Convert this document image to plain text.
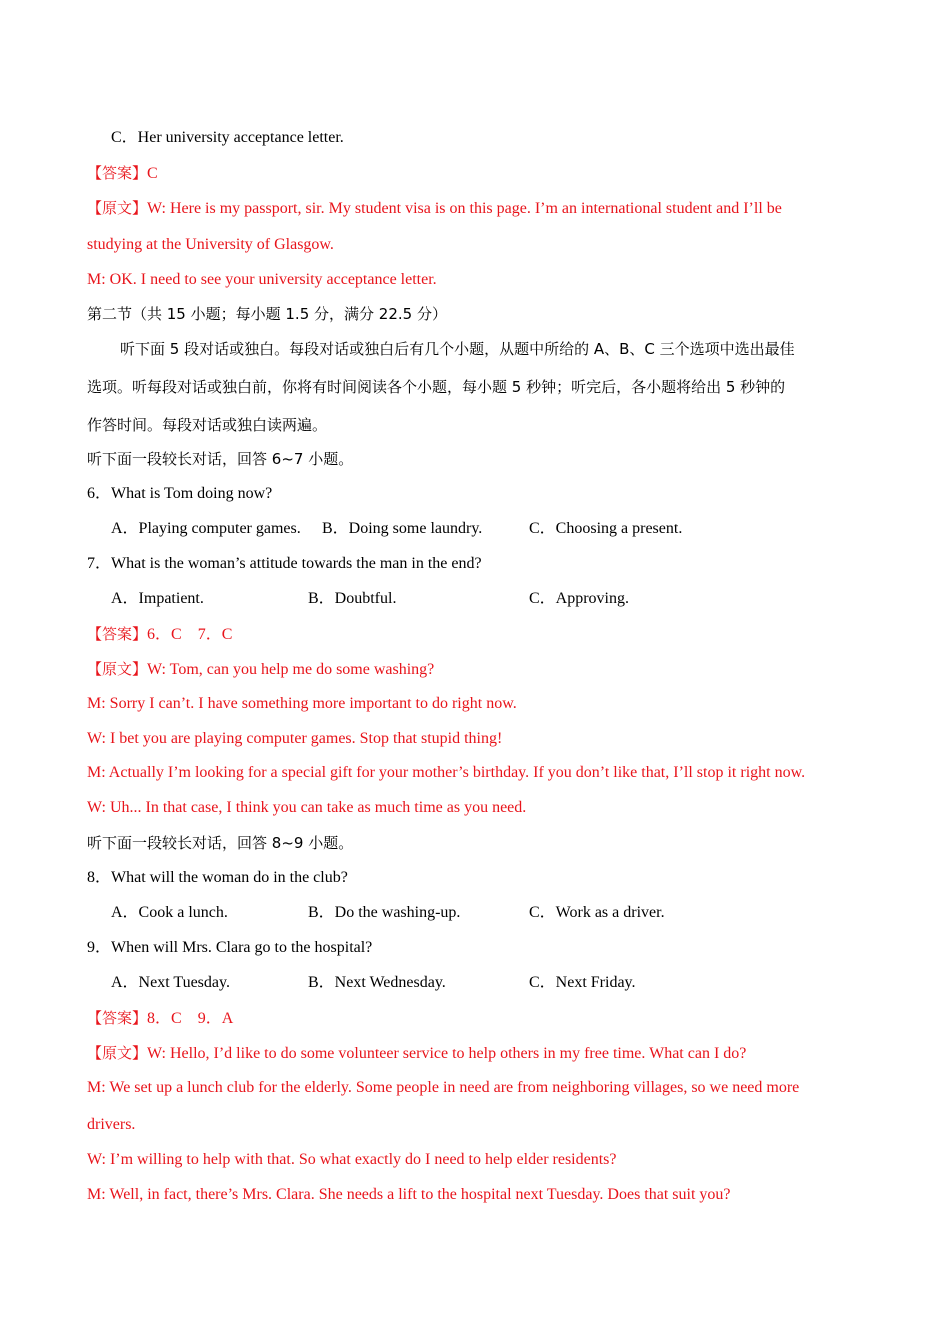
C．Her university acceptance letter.
【答案】C
【原文】W: Here is my passport, sir. My student visa is on this page. I’m an international student and I’ll be
studying at the University of Glasgow.
M: OK. I need to see your university acceptance letter.
第二节（共 15 小题；每小题 1.5 分，满分 22.5 分）
听下面 5 段对话或独白。每段对话或独白后有几个小题，从题中所给的 A、B、C 三个选项中选出最佳
选项。听每段对话或独白前，你将有时间阅读各个小题，每小题 5 秒钟；听完后，各小题将给出 5 秒钟的
作答时间。每段对话或独白读两遍。
听下面一段较长对话，回答 6~7 小题。
6．What is Tom doing now?
A．Playing computer games. B．Doing some laundry.	C．Choosing a present.
7．What is the woman’s attitude towards the man in the end?
A．Impatient.	B．Doubtful.	C．Approving.
【答案】6．C　7．C
【原文】W: Tom, can you help me do some washing?
M: Sorry I can’t. I have something more important to do right now.
W: I bet you are playing computer games. Stop that stupid thing!
M: Actually I’m looking for a special gift for your mother’s birthday. If you don’t like that, I’ll stop it right now.
W: Uh... In that case, I think you can take as much time as you need.
听下面一段较长对话，回答 8~9 小题。
8．What will the woman do in the club?
A．Cook a lunch.	B．Do the washing-up.	C．Work as a driver.
9．When will Mrs. Clara go to the hospital?
A．Next Tuesday.	B．Next Wednesday.	C．Next Friday.
【答案】8．C　9．A
【原文】W: Hello, I’d like to do some volunteer service to help others in my free time. What can I do?
M: We set up a lunch club for the elderly. Some people in need are from neighboring villages, so we need more
drivers.
W: I’m willing to help with that. So what exactly do I need to help elder residents?
M: Well, in fact, there’s Mrs. Clara. She needs a lift to the hospital next Tuesday. Does that suit you?
